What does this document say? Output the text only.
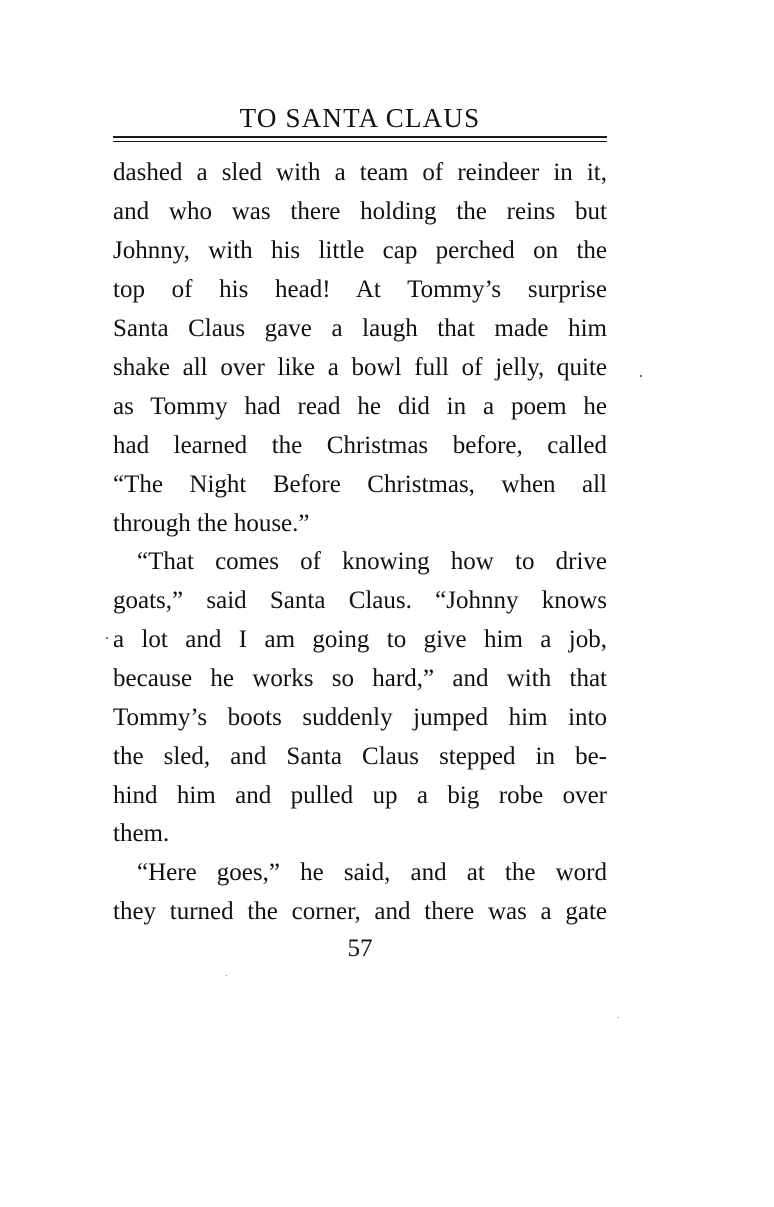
TO SANTA CLAUS
dashed a sled with a team of reindeer in it,
and who was there holding the reins but
Johnny, with his little cap perched on the
top of his head! At Tommy’s surprise
Santa Claus gave a laugh that made him
shake all over like a bowl full of jelly, quite
as Tommy had read he did in a poem he
had learned the Christmas before, called
“The Night Before Christmas, when all
through the house.”
“That comes of knowing how to drive
goats,” said Santa Claus. “Johnny knows
a lot and I am going to give him a job,
because he works so hard,” and with that
Tommy’s boots suddenly jumped him into
the sled, and Santa Claus stepped in be-
hind him and pulled up a big robe over
them.
“Here goes,” he said, and at the word
they turned the corner, and there was a gate
57
